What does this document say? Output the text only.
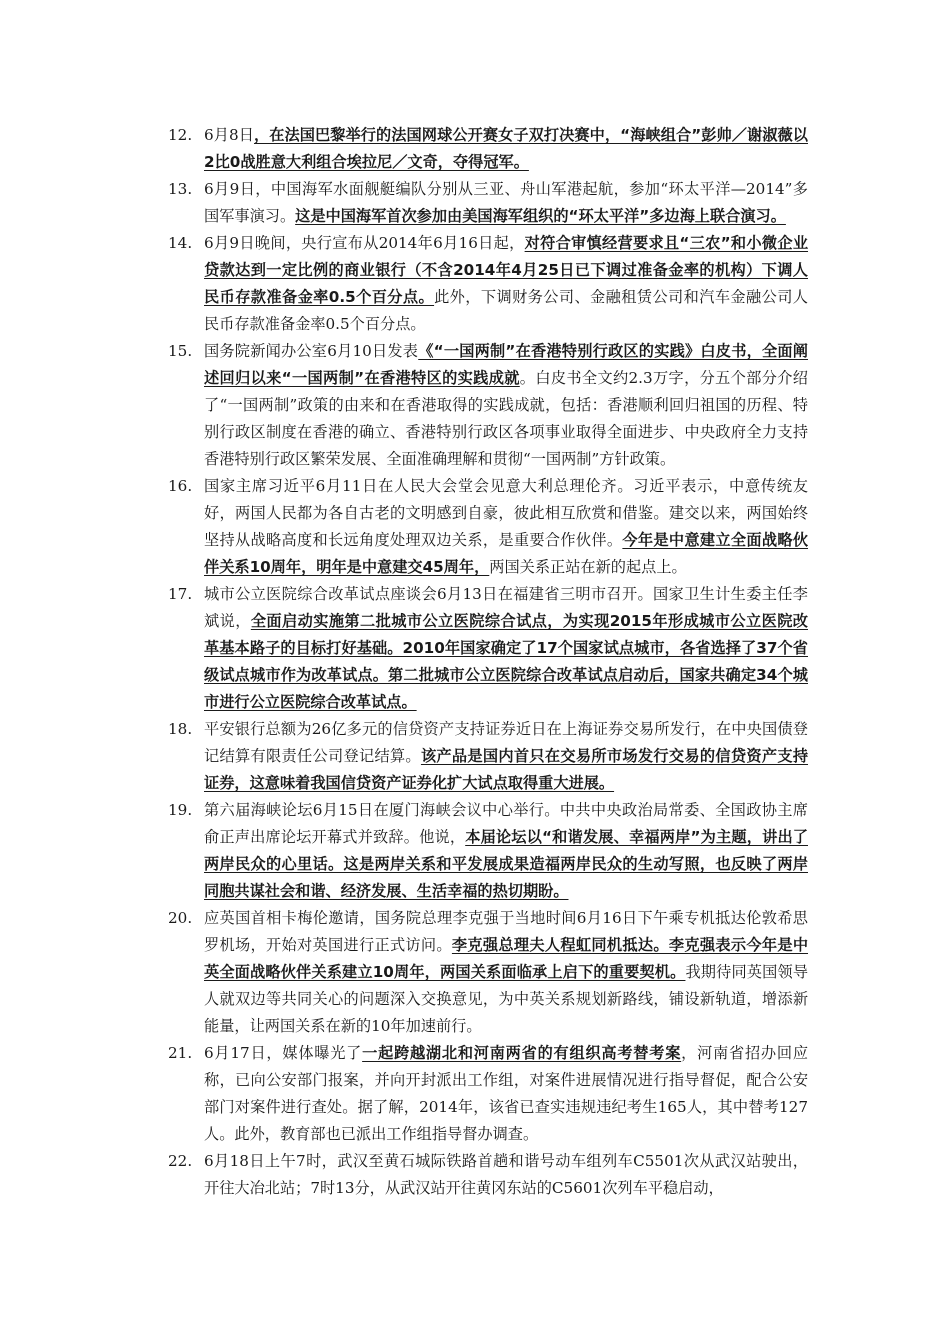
12. 6月8日，在法国巴黎举行的法国网球公开赛女子双打决赛中，“海峡组合”彭帅／谢淑薇以2比0战胜意大利组合埃拉尼／文奇，夺得冠军。
13. 6月9日，中国海军水面舰艇编队分别从三亚、舟山军港起航，参加“环太平洋—2014”多国军事演习。这是中国海军首次参加由美国海军组织的“环太平洋”多边海上联合演习。
14. 6月9日晚间，央行宣布从2014年6月16日起，对符合审慎经营要求且“三农”和小微企业贷款达到一定比例的商业银行（不含2014年4月25日已下调过准备金率的机构）下调人民币存款准备金率0.5个百分点。此外，下调财务公司、金融租赁公司和汽车金融公司人民币存款准备金率0.5个百分点。
15. 国务院新闻办公室6月10日发表《“一国两制”在香港特别行政区的实践》白皮书，全面阐述回归以来“一国两制”在香港特区的实践成就。白皮书全文约2.3万字，分五个部分介绍了“一国两制”政策的由来和在香港取得的实践成就，包括：香港顺利回归祖国的历程、特别行政区制度在香港的确立、香港特别行政区各项事业取得全面进步、中央政府全力支持香港特别行政区繁荣发展、全面准确理解和贯彻“一国两制”方针政策。
16. 国家主席习近平6月11日在人民大会堂会见意大利总理伦齐。习近平表示，中意传统友好，两国人民都为各自古老的文明感到自豪，彼此相互欣赏和借鉴。建交以来，两国始终坚持从战略高度和长远角度处理双边关系，是重要合作伙伴。今年是中意建立全面战略伙伴关系10周年，明年是中意建交45周年，两国关系正站在新的起点上。
17. 城市公立医院综合改革试点座谈会6月13日在福建省三明市召开。国家卫生计生委主任李斌说，全面启动实施第二批城市公立医院综合试点，为实现2015年形成城市公立医院改革基本路子的目标打好基础。2010年国家确定了17个国家试点城市，各省选择了37个省级试点城市作为改革试点。第二批城市公立医院综合改革试点启动后，国家共确定34个城市进行公立医院综合改革试点。
18. 平安银行总额为26亿多元的信贷资产支持证券近日在上海证券交易所发行，在中央国债登记结算有限责任公司登记结算。该产品是国内首只在交易所市场发行交易的信贷资产支持证券，这意味着我国信贷资产证券化扩大试点取得重大进展。
19. 第六届海峡论坛6月15日在厦门海峡会议中心举行。中共中央政治局常委、全国政协主席俞正声出席论坛开幕式并致辞。他说，本届论坛以“和谐发展、幸福两岸”为主题，讲出了两岸民众的心里话。这是两岸关系和平发展成果造福两岸民众的生动写照，也反映了两岸同胞共谋社会和谐、经济发展、生活幸福的热切期盼。
20. 应英国首相卡梅伦邀请，国务院总理李克强于当地时间6月16日下午乘专机抵达伦敦希思罗机场，开始对英国进行正式访问。李克强总理夫人程虹同机抵达。李克强表示今年是中英全面战略伙伴关系建立10周年，两国关系面临承上启下的重要契机。我期待同英国领导人就双边等共同关心的问题深入交换意见，为中英关系规划新路线，铺设新轨道，增添新能量，让两国关系在新的10年加速前行。
21. 6月17日，媒体曝光了一起跨越湖北和河南两省的有组织高考替考案，河南省招办回应称，已向公安部门报案，并向开封派出工作组，对案件进展情况进行指导督促，配合公安部门对案件进行查处。据了解，2014年，该省已查实违规违纪考生165人，其中替考127人。此外，教育部也已派出工作组指导督办调查。
22. 6月18日上午7时，武汉至黄石城际铁路首趟和谐号动车组列车C5501次从武汉站驶出，开往大冶北站；7时13分，从武汉站开往黄冈东站的C5601次列车平稳启动，
